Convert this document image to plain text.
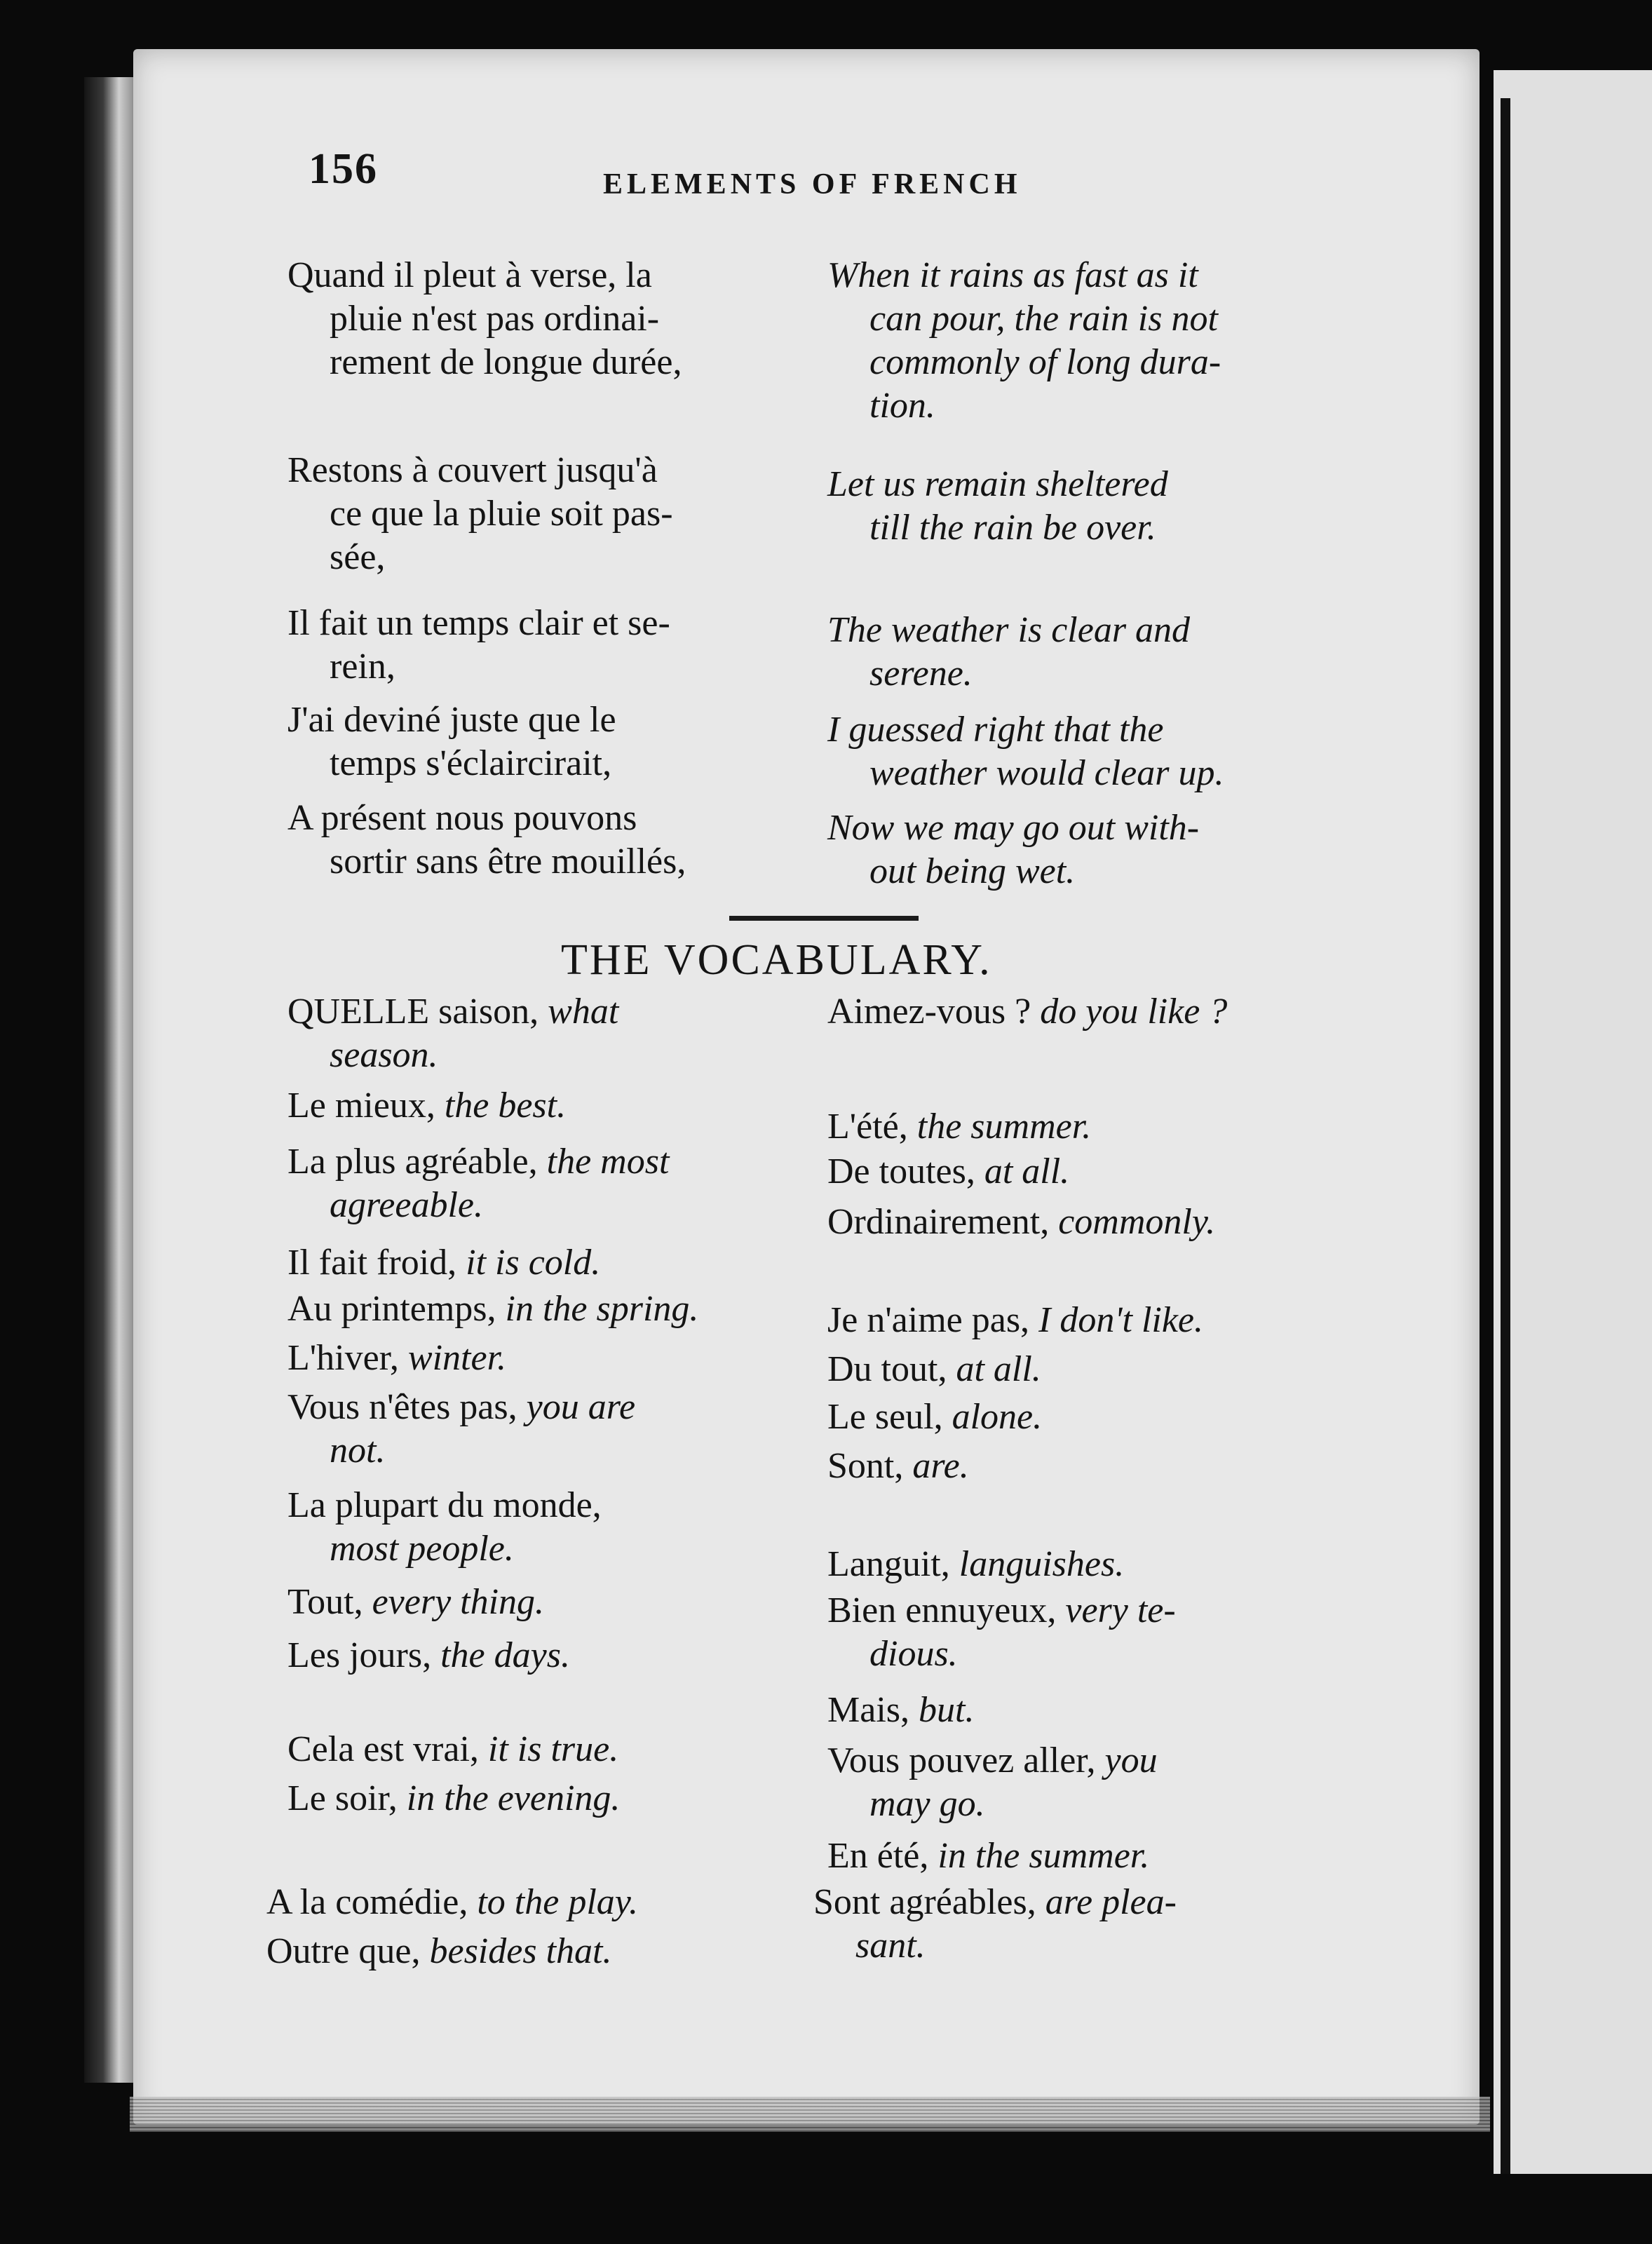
156	ELEMENTS OF FRENCH
Quand il pleut à verse, la
pluie n'est pas ordinai-
rement de longue durée,
When it rains as fast as it
can pour, the rain is not
commonly of long dura-
tion.
Restons à couvert jusqu'à
ce que la pluie soit pas-
sée,
Let us remain sheltered
till the rain be over.
Il fait un temps clair et se-
rein,
The weather is clear and
serene.
J'ai deviné juste que le
temps s'éclaircirait,
I guessed right that the
weather would clear up.
A présent nous pouvons
sortir sans être mouillés,
Now we may go out with-
out being wet.
THE VOCABULARY.
QUELLE saison, what
season.
Le mieux, the best.
La plus agréable, the most
agreeable.
Il fait froid, it is cold.
Au printemps, in the spring.
L'hiver, winter.
Vous n'êtes pas, you are
not.
La plupart du monde,
most people.
Tout, every thing.
Les jours, the days.
Cela est vrai, it is true.
Le soir, in the evening.
A la comédie, to the play.
Outre que, besides that.
Aimez-vous ? do you like ?
L'été, the summer.
De toutes, at all.
Ordinairement, commonly.
Je n'aime pas, I don't like.
Du tout, at all.
Le seul, alone.
Sont, are.
Languit, languishes.
Bien ennuyeux, very te-
dious.
Mais, but.
Vous pouvez aller, you
may go.
En été, in the summer.
Sont agréables, are plea-
sant.
